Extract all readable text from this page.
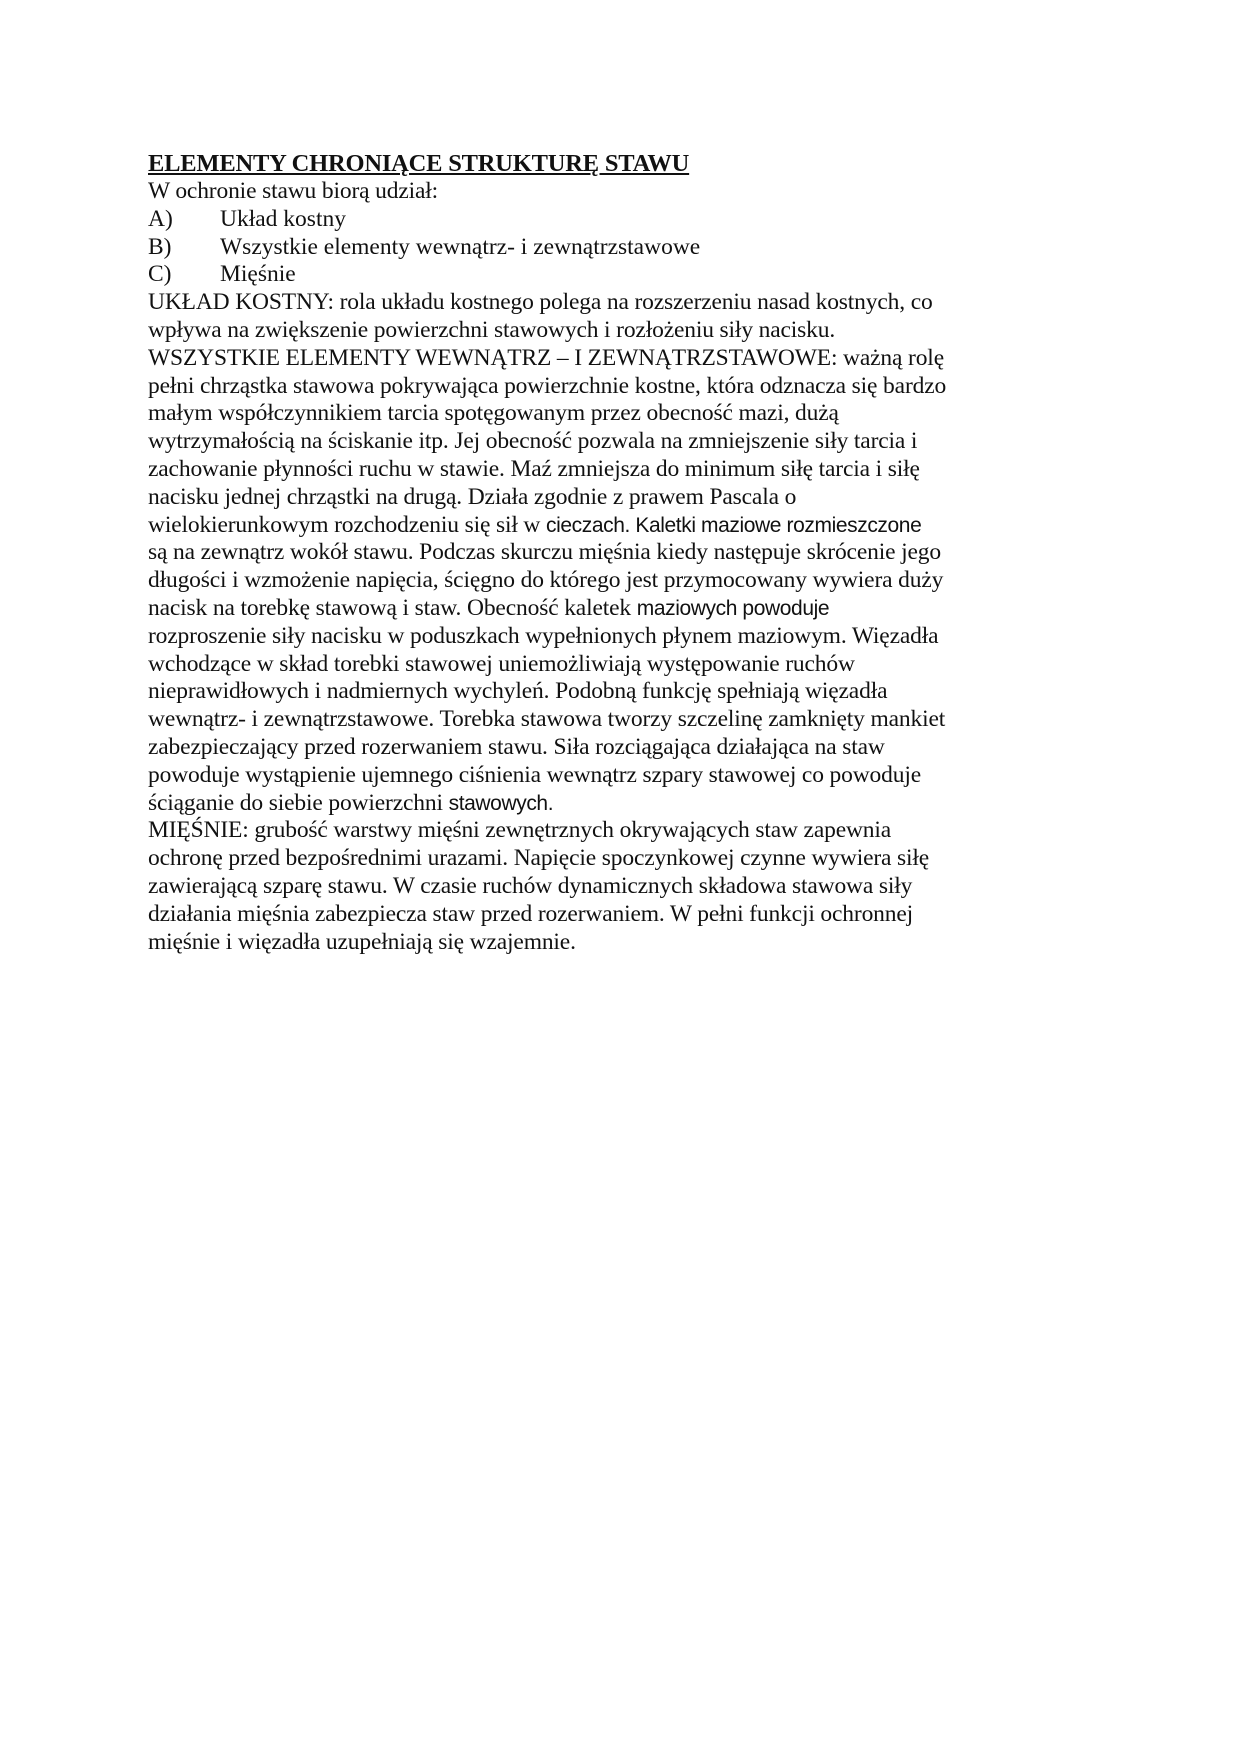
ELEMENTY CHRONIĄCE STRUKTURĘ STAWU

W ochronie stawu biorą udział:

A)	Układ kostny
B)	Wszystkie elementy wewnątrz- i zewnątrzstawowe
C)	Mięśnie

UKŁAD KOSTNY: rola układu kostnego polega na rozszerzeniu nasad kostnych, co

wpływa na zwiększenie powierzchni stawowych i rozłożeniu siły nacisku.

WSZYSTKIE ELEMENTY WEWNĄTRZ – I ZEWNĄTRZSTAWOWE: ważną rolę

pełni chrząstka stawowa pokrywająca powierzchnie kostne, która odznacza się bardzo

małym współczynnikiem tarcia spotęgowanym przez obecność mazi, dużą

wytrzymałością na ściskanie itp. Jej obecność pozwala na zmniejszenie siły tarcia i

zachowanie płynności ruchu w stawie. Maź zmniejsza do minimum siłę tarcia i siłę

nacisku jednej chrząstki na drugą. Działa zgodnie z prawem Pascala o

wielokierunkowym rozchodzeniu się sił w cieczach. Kaletki maziowe rozmieszczone

są na zewnątrz wokół stawu. Podczas skurczu mięśnia kiedy następuje skrócenie jego

długości i wzmożenie napięcia, ścięgno do którego jest przymocowany wywiera duży

nacisk na torebkę stawową i staw. Obecność kaletek maziowych powoduje

rozproszenie siły nacisku w poduszkach wypełnionych płynem maziowym. Więzadła

wchodzące w skład torebki stawowej uniemożliwiają występowanie ruchów

nieprawidłowych i nadmiernych wychyleń. Podobną funkcję spełniają więzadła

wewnątrz- i zewnątrzstawowe. Torebka stawowa tworzy szczelinę zamknięty mankiet

zabezpieczający przed rozerwaniem stawu. Siła rozciągająca działająca na staw

powoduje wystąpienie ujemnego ciśnienia wewnątrz szpary stawowej co powoduje

ściąganie do siebie powierzchni stawowych.

MIĘŚNIE: grubość warstwy mięśni zewnętrznych okrywających staw zapewnia

ochronę przed bezpośrednimi urazami. Napięcie spoczynkowej czynne wywiera siłę

zawierającą szparę stawu. W czasie ruchów dynamicznych składowa stawowa siły

działania mięśnia zabezpiecza staw przed rozerwaniem. W pełni funkcji ochronnej

mięśnie i więzadła uzupełniają się wzajemnie.
